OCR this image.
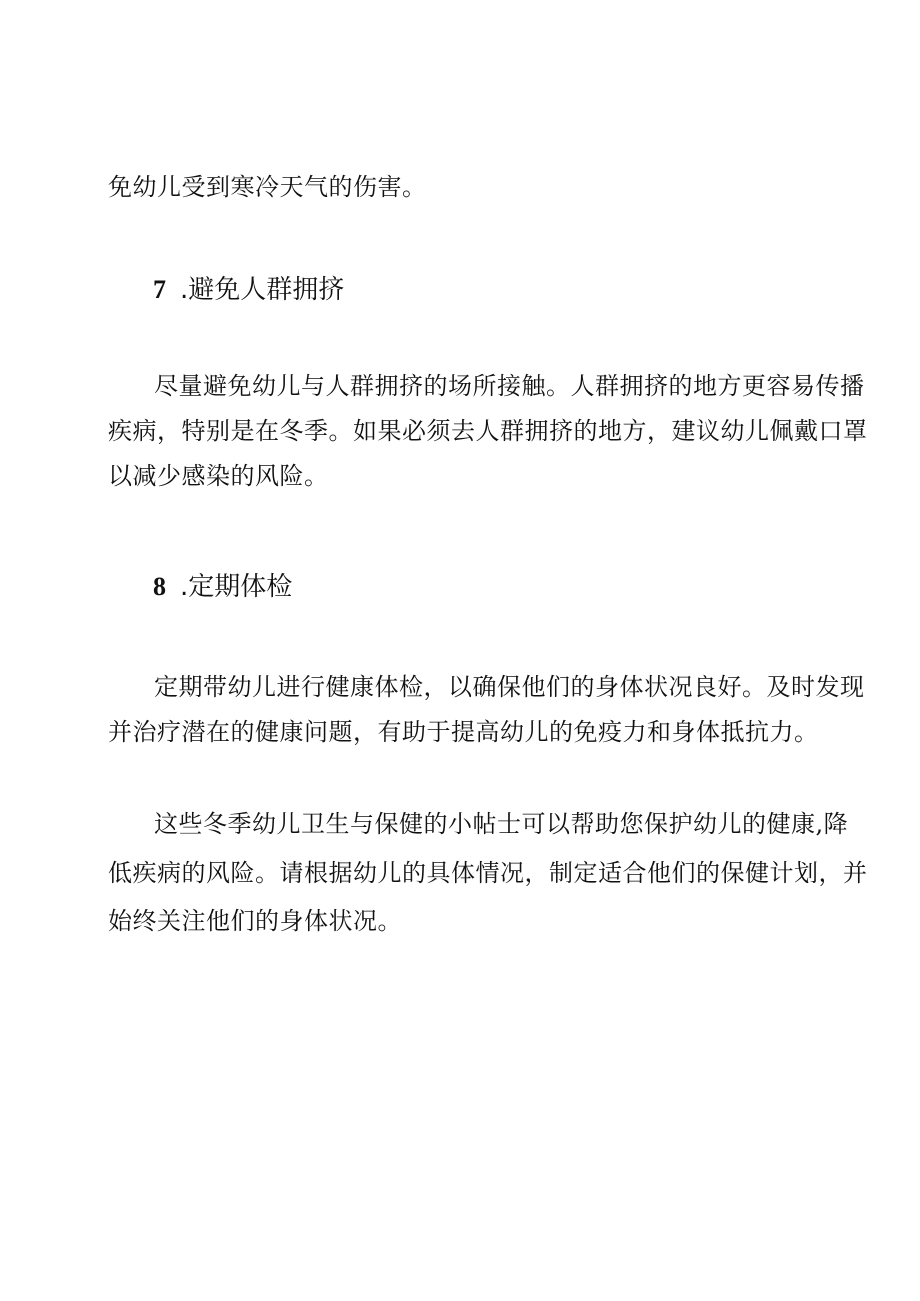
免幼儿受到寒冷天气的伤害。
7 .避免人群拥挤
尽量避免幼儿与人群拥挤的场所接触。人群拥挤的地方更容易传播
疾病，特别是在冬季。如果必须去人群拥挤的地方，建议幼儿佩戴口罩
以减少感染的风险。
8 .定期体检
定期带幼儿进行健康体检，以确保他们的身体状况良好。及时发现
并治疗潜在的健康问题，有助于提高幼儿的免疫力和身体抵抗力。
这些冬季幼儿卫生与保健的小帖士可以帮助您保护幼儿的健康,降
低疾病的风险。请根据幼儿的具体情况，制定适合他们的保健计划，并
始终关注他们的身体状况。
